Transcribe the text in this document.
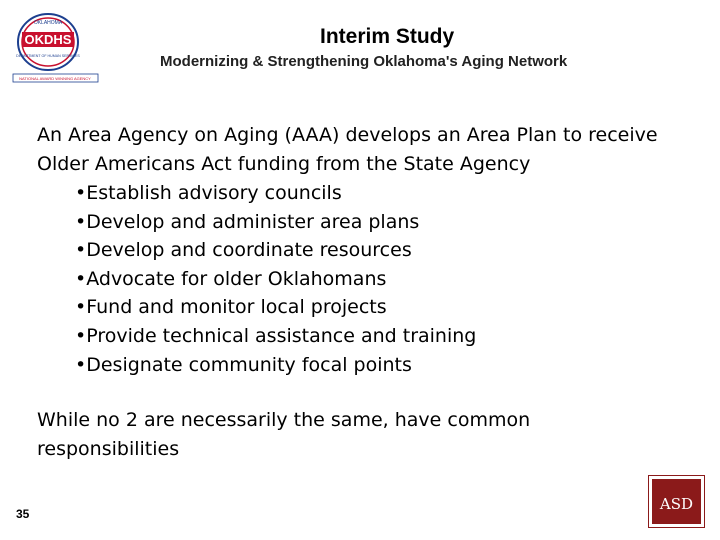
OKLAHOMA
OKDHS
DEPARTMENT OF HUMAN SERVICES
NATIONAL AWARD WINNING AGENCY
Interim Study
Modernizing & Strengthening Oklahoma's Aging Network
An Area Agency on Aging (AAA) develops an Area Plan to receive Older Americans Act funding from the State Agency
•Establish advisory councils
•Develop and administer area plans
•Develop and coordinate resources
•Advocate for older Oklahomans
•Fund and monitor local projects
•Provide technical assistance and training
•Designate community focal points
While no 2 are necessarily the same, have common responsibilities
35
ASD
